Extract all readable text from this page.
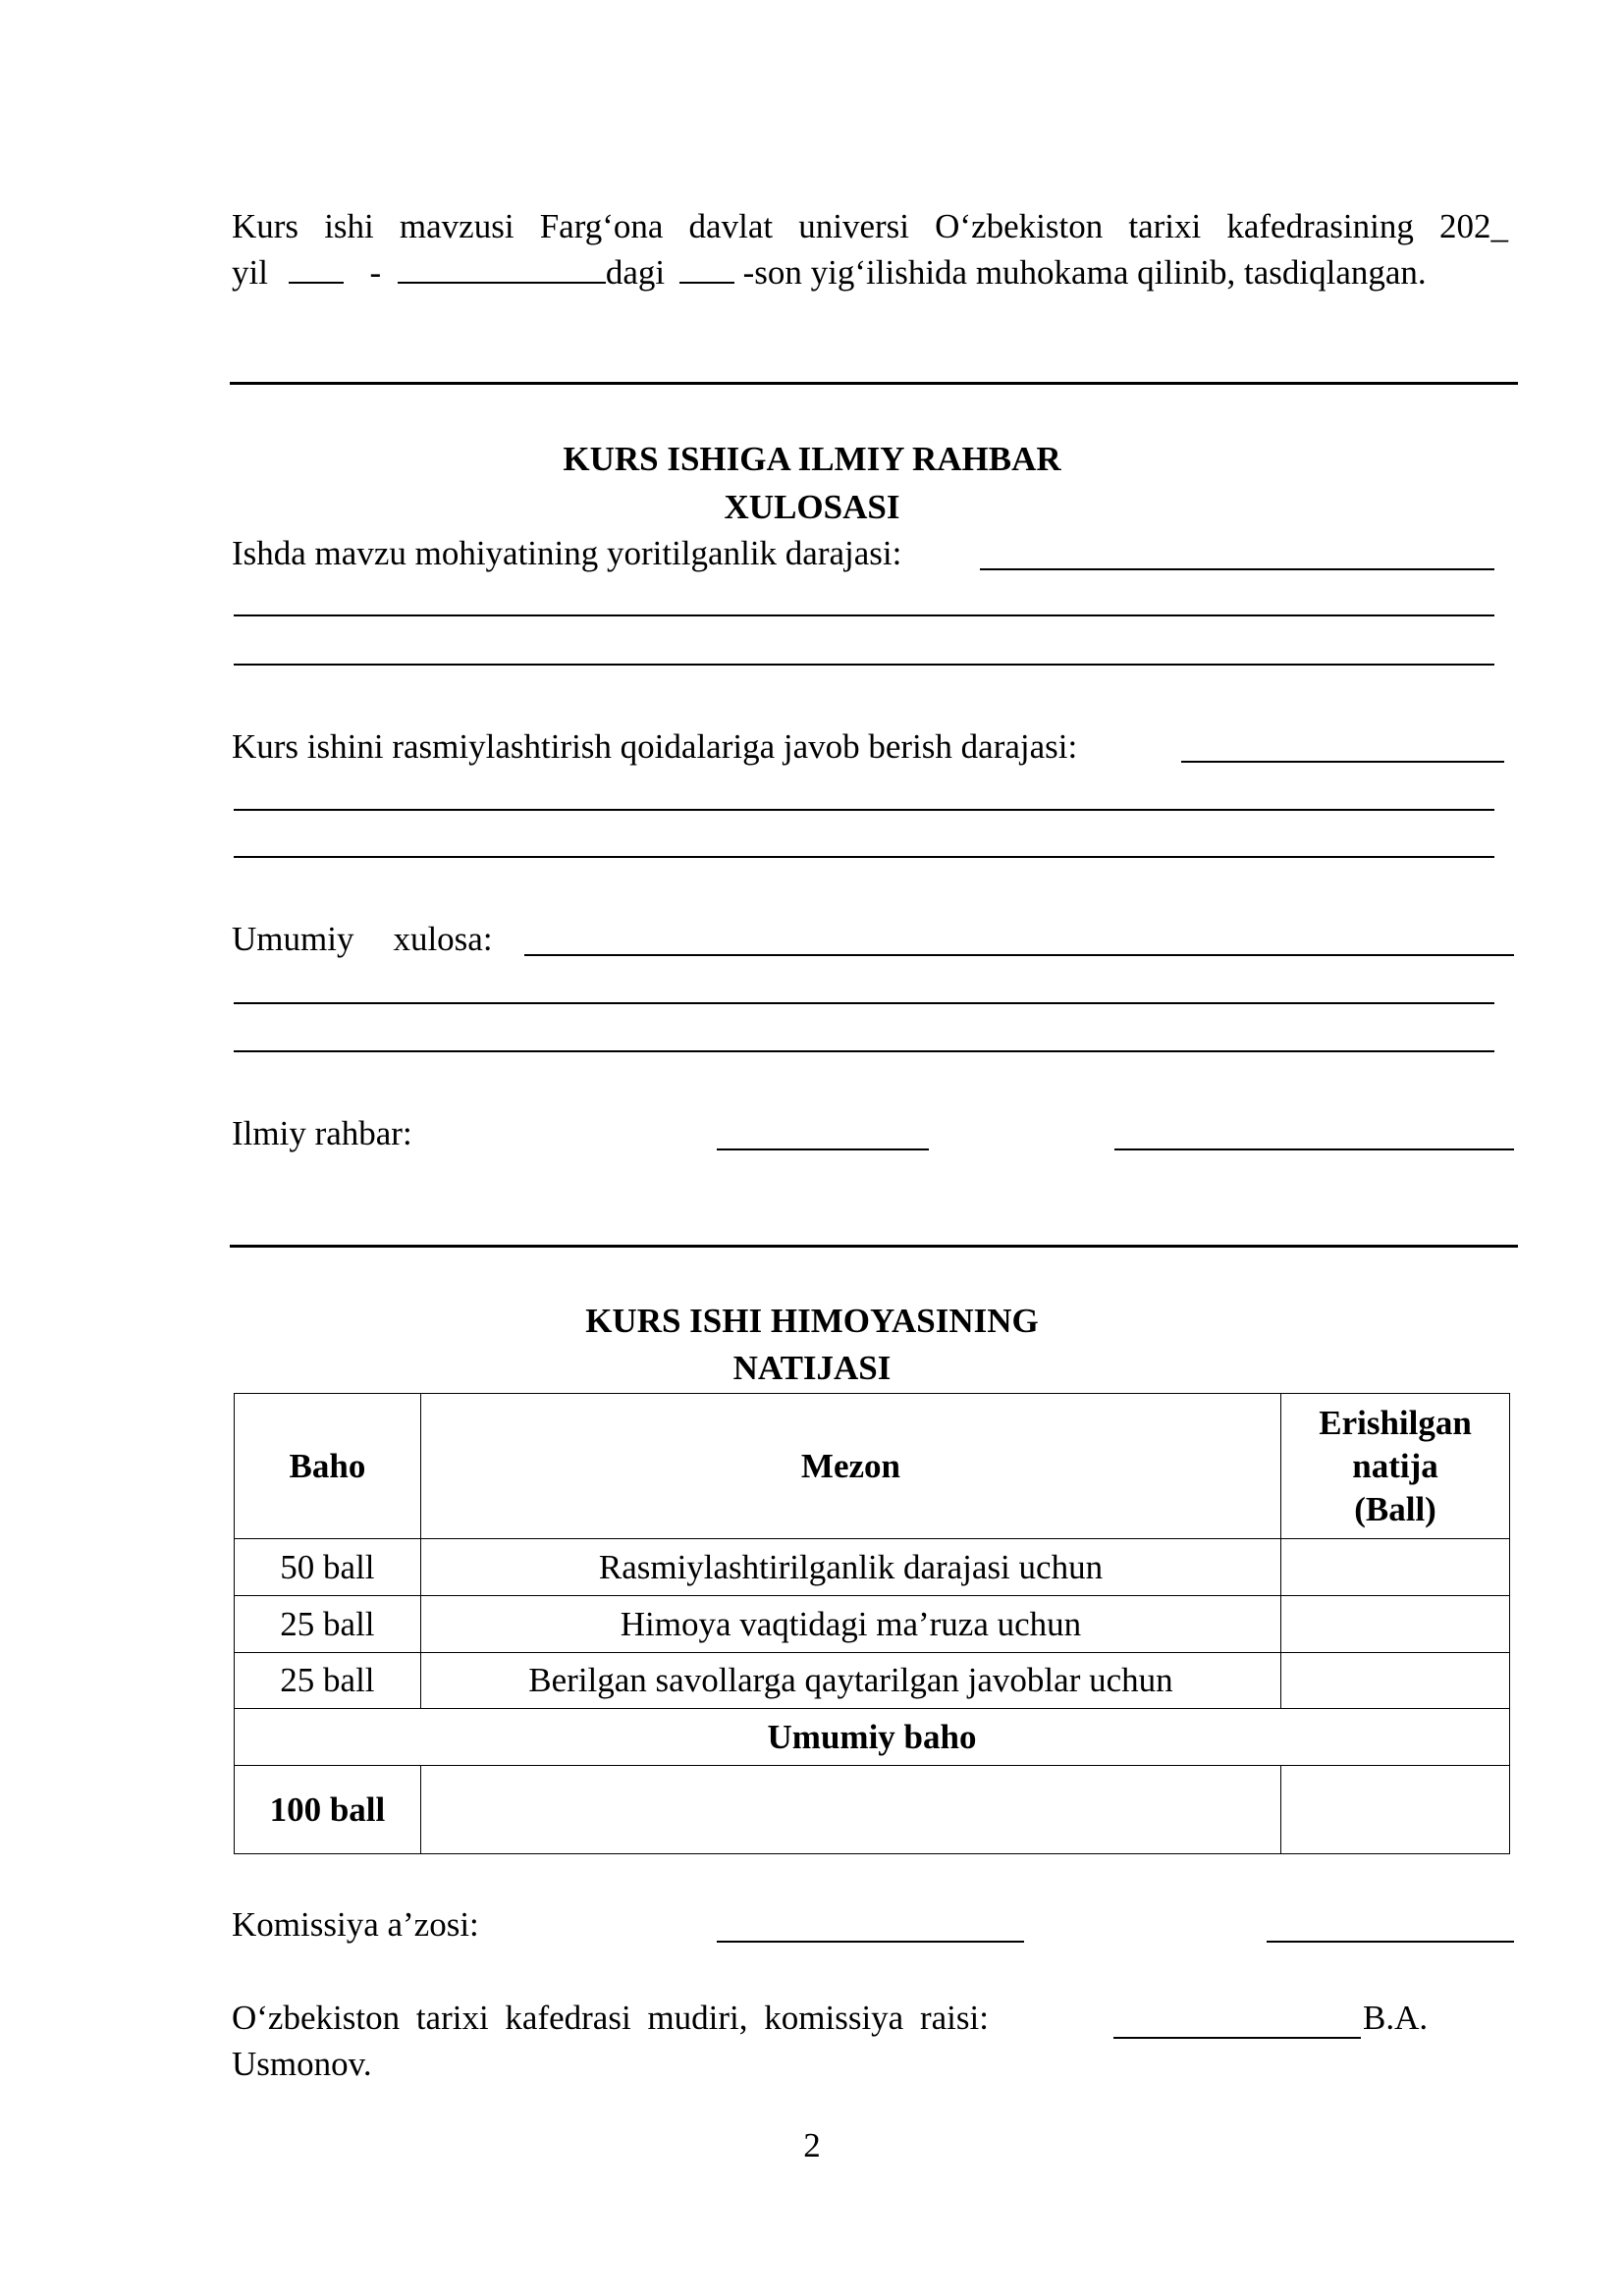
Kurs ishi mavzusi Farg‘ona davlat universi O‘zbekiston tarixi kafedrasining 202_
yil	-	dagi -son yig‘ilishida muhokama qilinib, tasdiqlangan.
KURS ISHIGA ILMIY RAHBAR
XULOSASI
Ishda mavzu mohiyatining yoritilganlik darajasi:
Kurs ishini rasmiylashtirish qoidalariga javob berish darajasi:
Umumiy xulosa:
Ilmiy rahbar:
KURS ISHI HIMOYASINING
NATIJASI
Baho	Mezon	Erishilgan
natija
(Ball)

50 ball	Rasmiylashtirilganlik darajasi uchun	
25 ball	Himoya vaqtidagi ma’ruza uchun	
25 ball	Berilgan savollarga qaytarilgan javoblar uchun	
Umumiy baho		
100 ball		
Komissiya a’zosi:
O‘zbekiston tarixi kafedrasi mudiri, komissiya raisi:	B.A.
Usmonov.
2
